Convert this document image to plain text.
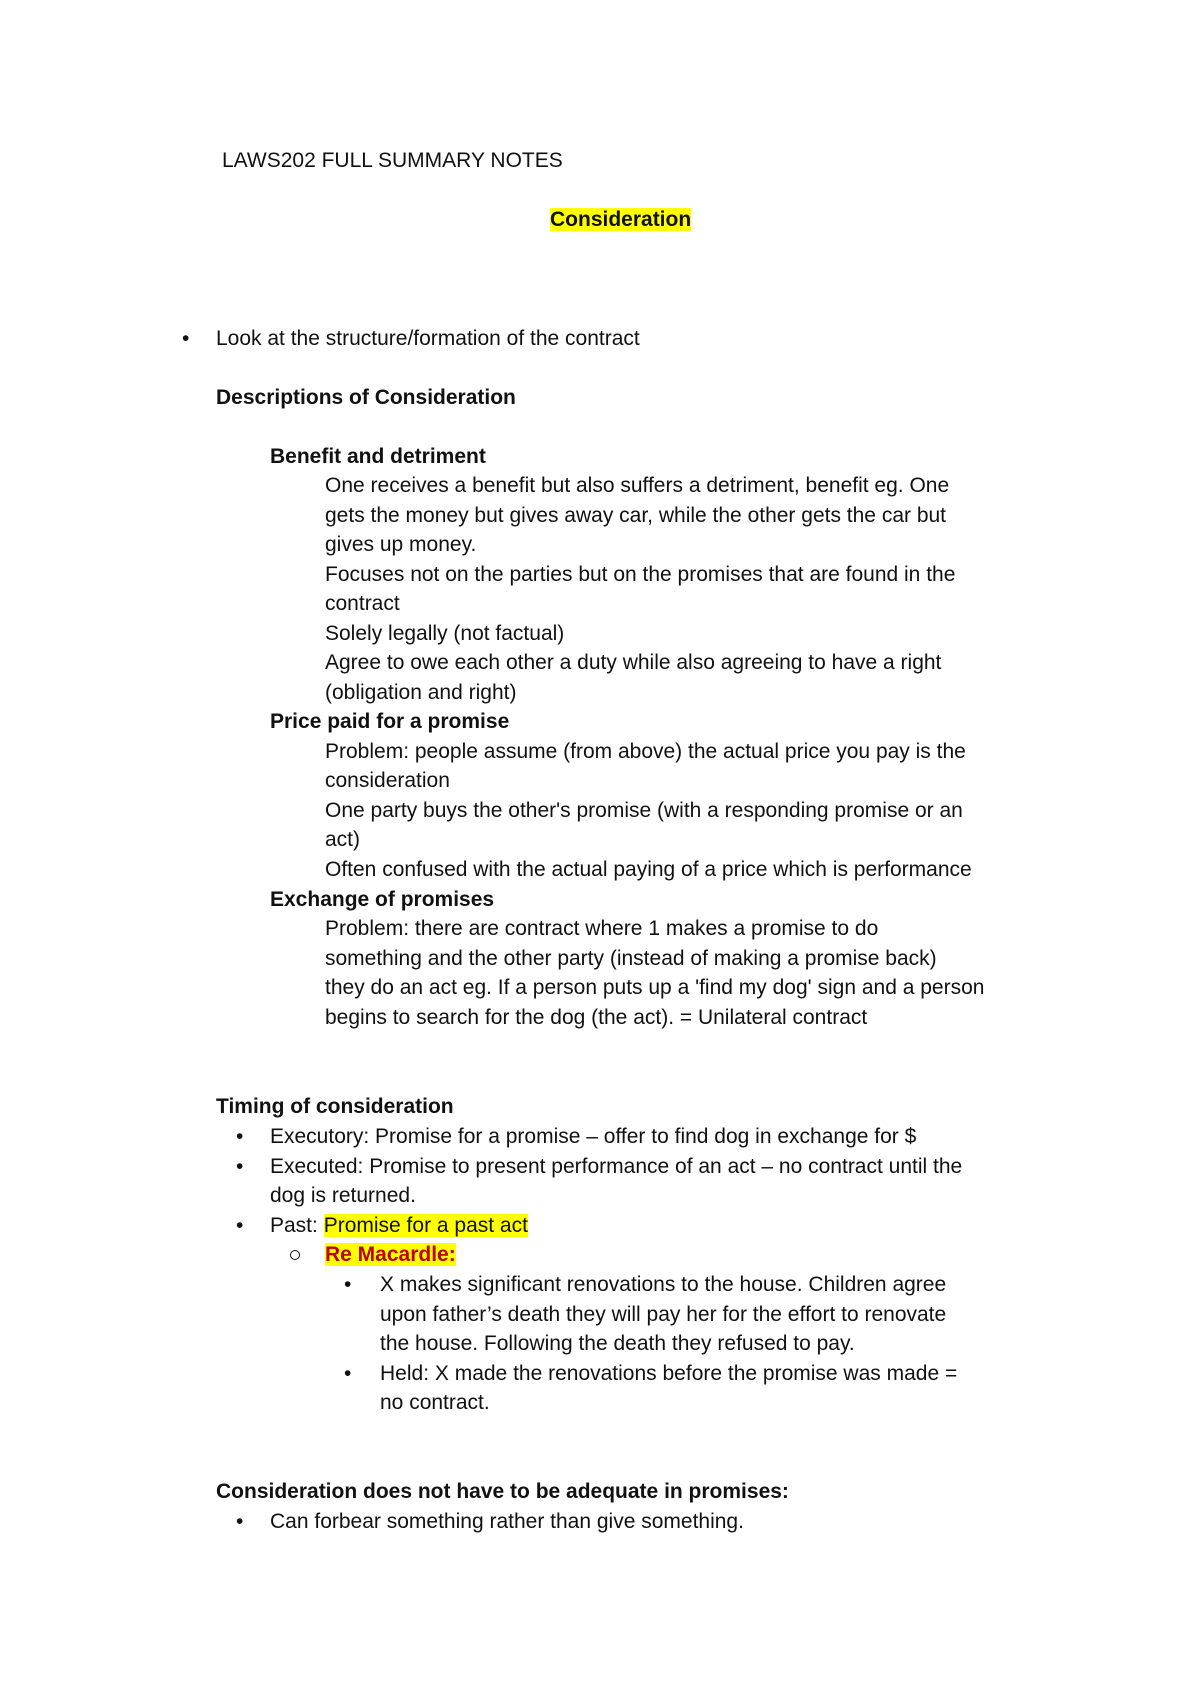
LAWS202 FULL SUMMARY NOTES
Consideration
• Look at the structure/formation of the contract
Descriptions of Consideration
Benefit and detriment
One receives a benefit but also suffers a detriment, benefit eg. One
gets the money but gives away car, while the other gets the car but
gives up money.
Focuses not on the parties but on the promises that are found in the
contract
Solely legally (not factual)
Agree to owe each other a duty while also agreeing to have a right
(obligation and right)
Price paid for a promise
Problem: people assume (from above) the actual price you pay is the
consideration
One party buys the other's promise (with a responding promise or an
act)
Often confused with the actual paying of a price which is performance
Exchange of promises
Problem: there are contract where 1 makes a promise to do
something and the other party (instead of making a promise back)
they do an act eg. If a person puts up a 'find my dog' sign and a person
begins to search for the dog (the act). = Unilateral contract
Timing of consideration
• Executory: Promise for a promise – offer to find dog in exchange for $
• Executed: Promise to present performance of an act – no contract until the
dog is returned.
• Past: Promise for a past act
Re Macardle:
• X makes significant renovations to the house. Children agree
upon father’s death they will pay her for the effort to renovate
the house. Following the death they refused to pay.
• Held: X made the renovations before the promise was made =
no contract.
Consideration does not have to be adequate in promises:
• Can forbear something rather than give something.
